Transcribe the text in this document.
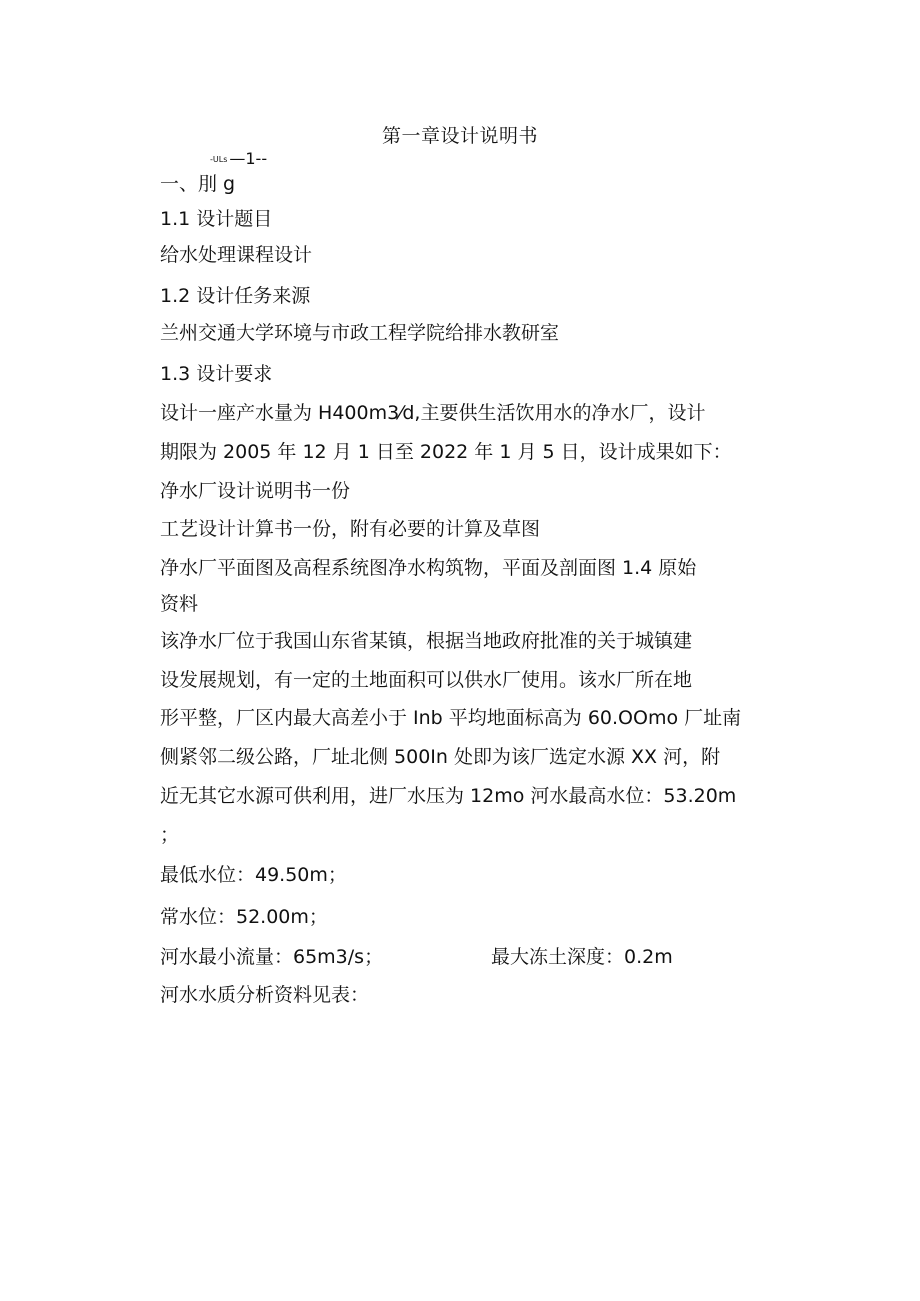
第一章设计说明书
-ULs —1--
一、刖 g
1.1 设计题目
给水处理课程设计
1.2 设计任务来源
兰州交通大学环境与市政工程学院给排水教研室
1.3 设计要求
设计一座产水量为 H400m3⁄d,主要供生活饮用水的净水厂，设计
期限为 2005 年 12 月 1 日至 2022 年 1 月 5 日，设计成果如下：
净水厂设计说明书一份
工艺设计计算书一份，附有必要的计算及草图
净水厂平面图及高程系统图净水构筑物，平面及剖面图 1.4 原始
资料
该净水厂位于我国山东省某镇，根据当地政府批准的关于城镇建
设发展规划，有一定的土地面积可以供水厂使用。该水厂所在地
形平整，厂区内最大高差小于 Inb 平均地面标高为 60.OOmo 厂址南
侧紧邻二级公路，厂址北侧 500In 处即为该厂选定水源 XX 河，附
近无其它水源可供利用，进厂水压为 12mo 河水最高水位：53.20m
；
最低水位：49.50m；
常水位：52.00m；
河水最小流量：65m3/s；	最大冻土深度：0.2m
河水水质分析资料见表：
